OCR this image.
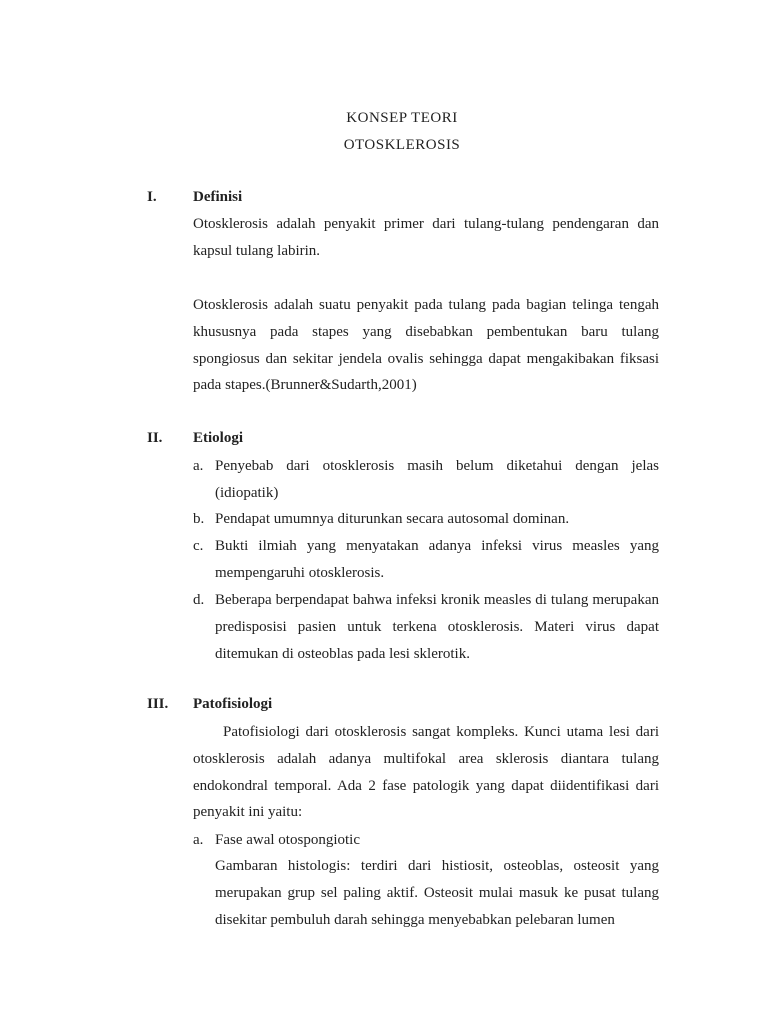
KONSEP TEORI
OTOSKLEROSIS
I. Definisi

Otosklerosis adalah penyakit primer dari tulang-tulang pendengaran dan kapsul tulang labirin.

Otosklerosis adalah suatu penyakit pada tulang pada bagian telinga tengah khususnya pada stapes yang disebabkan pembentukan baru tulang spongiosus dan sekitar jendela ovalis sehingga dapat mengakibakan fiksasi pada stapes.(Brunner&Sudarth,2001)

II. Etiologi
a. Penyebab dari otosklerosis masih belum diketahui dengan jelas (idiopatik)
b. Pendapat umumnya diturunkan secara autosomal dominan.
c. Bukti ilmiah yang menyatakan adanya infeksi virus measles yang mempengaruhi otosklerosis.
d. Beberapa berpendapat bahwa infeksi kronik measles di tulang merupakan predisposisi pasien untuk terkena otosklerosis. Materi virus dapat ditemukan di osteoblas pada lesi sklerotik.
III. Patofisiologi

Patofisiologi dari otosklerosis sangat kompleks. Kunci utama lesi dari otosklerosis adalah adanya multifokal area sklerosis diantara tulang endokondral temporal. Ada 2 fase patologik yang dapat diidentifikasi dari penyakit ini yaitu:

a. Fase awal otospongiotic

Gambaran histologis: terdiri dari histiosit, osteoblas, osteosit yang merupakan grup sel paling aktif. Osteosit mulai masuk ke pusat tulang disekitar pembuluh darah sehingga menyebabkan pelebaran lumen
